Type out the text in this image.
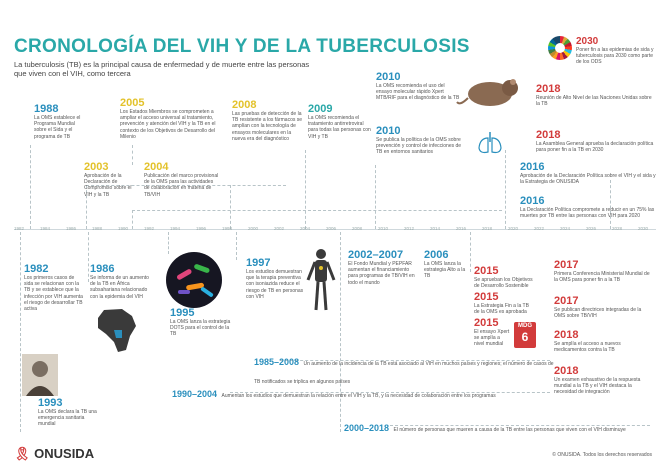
CRONOLOGÍA DEL VIH Y DE LA TUBERCULOSIS
La tuberculosis (TB) es la principal causa de enfermedad y de muerte entre las personas que viven con el VIH, como tercera
2030
Poner fin a las epidemias de sida y tuberculosis para 2030 como parte de los ODS
1982	1984	1986	1988	1990	1992	1994	1996	1998	2000	2002	2004	2006	2008	2010	2012	2014	2016	2018	2020	2022	2024	2026	2028	2030
1988
La OMS establece el Programa Mundial sobre el Sida y el programa de TB
2003
Aprobación de la Declaración de Compromiso sobre el VIH y la TB
2004
Publicación del marco provisional de la OMS para las actividades de colaboración en materia de TB/VIH
2005
Los Estados Miembros se comprometen a ampliar el acceso universal al tratamiento, prevención y atención del VIH y la TB en el contexto de los Objetivos de Desarrollo del Milenio
2008
Las pruebas de detección de la TB resistente a los fármacos se amplían con la tecnología de ensayos moleculares en la nueva era del diagnóstico
2009
La OMS recomienda el tratamiento antirretroviral para todas las personas con VIH y TB
2010
La OMS recomienda el uso del ensayo molecular rápido Xpert MTB/RIF para el diagnóstico de la TB
2010
Se publica la política de la OMS sobre prevención y control de infecciones de TB en entornos sanitarios
2018
Reunión de Alto Nivel de las Naciones Unidas sobre la TB
2018
La Asamblea General aprueba la declaración política para poner fin a la TB en 2030
2016
Aprobación de la Declaración Política sobre el VIH y el sida y la Estrategia de ONUSIDA
2016
La Declaración Política compromete a reducir en un 75% las muertes por TB entre las personas con VIH para 2020
1982
Los primeros casos de sida se relacionan con la TB y se establece que la infección por VIH aumenta el riesgo de desarrollar TB activa
1986
Se informa de un aumento de la TB en África subsahariana relacionado con la epidemia del VIH
1993
La OMS declara la TB una emergencia sanitaria mundial
1995
La OMS lanza la estrategia DOTS para el control de la TB
1997
Los estudios demuestran que la terapia preventiva con isoniazida reduce el riesgo de TB en personas con VIH
2002–2007
El Fondo Mundial y PEPFAR aumentan el financiamiento para programas de TB/VIH en todo el mundo
2006
La OMS lanza la estrategia Alto a la TB	2015
Se aprueban los Objetivos de Desarrollo Sostenible
2015
La Estrategia Fin a la TB de la OMS es aprobada
2015
El ensayo Xpert se amplía a nivel mundial
MDG
6
2017
Primera Conferencia Ministerial Mundial de la OMS para poner fin a la TB
2017
Se publican directrices integradas de la OMS sobre TB/VIH
2018
Se amplía el acceso a nuevos medicamentos contra la TB
2018
Un examen exhaustivo de la respuesta mundial a la TB y el VIH destaca la necesidad de integración
1985–2008 Un aumento de la incidencia de la TB está asociado al VIH en muchos países y regiones; el número de casos de TB notificados se triplica en algunos países
1990–2004 Aumentan los estudios que demuestran la relación entre el VIH y la TB, y la necesidad de colaboración entre los programas
2000–2018 El número de personas que mueren a causa de la TB entre las personas que viven con el VIH disminuye
🎗 ONUSIDA	© ONUSIDA. Todos los derechos reservados
